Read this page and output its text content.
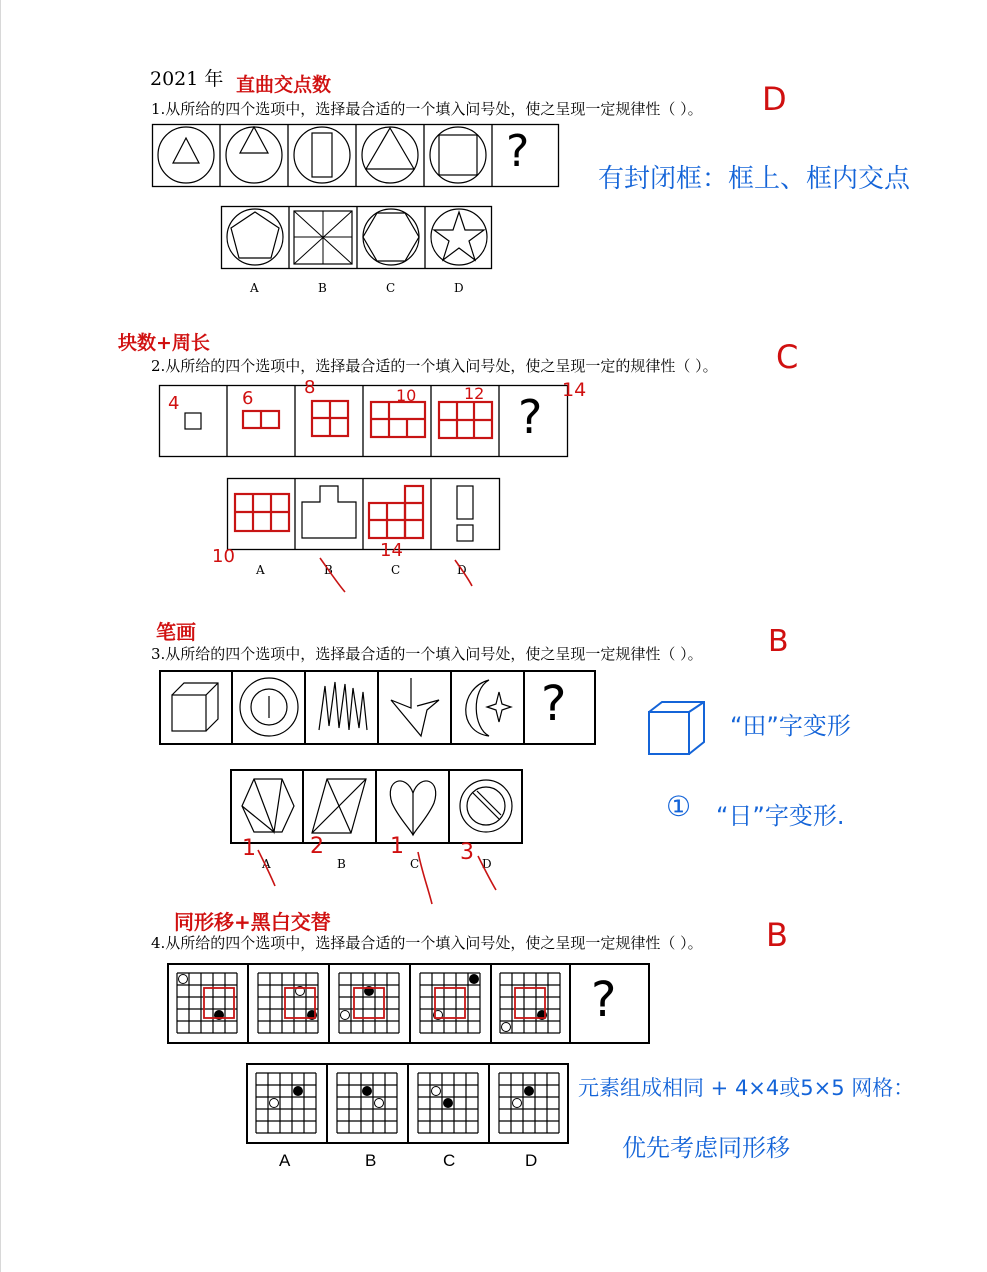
2021 年 直曲交点数
1.从所给的四个选项中，选择最合适的一个填入问号处，使之呈现一定规律性（ ）。 D
?
有封闭框：框上、框内交点
A	B	C	D
块数+周长
2.从所给的四个选项中，选择最合适的一个填入问号处，使之呈现一定的规律性（ ）。 C
?
4	6
8	10	12	14
A	B	C	D
10	14
笔画
3.从所给的四个选项中，选择最合适的一个填入问号处，使之呈现一定规律性（ ）。 B
?	“田”字变形
① “日”字变形.
A	B	C	D
1 2	1	3
同形移+黑白交替
4.从所给的四个选项中，选择最合适的一个填入问号处，使之呈现一定规律性（ ）。 B
?
A	B	C	D
元素组成相同 + 4×4或5×5 网格：
优先考虑同形移
